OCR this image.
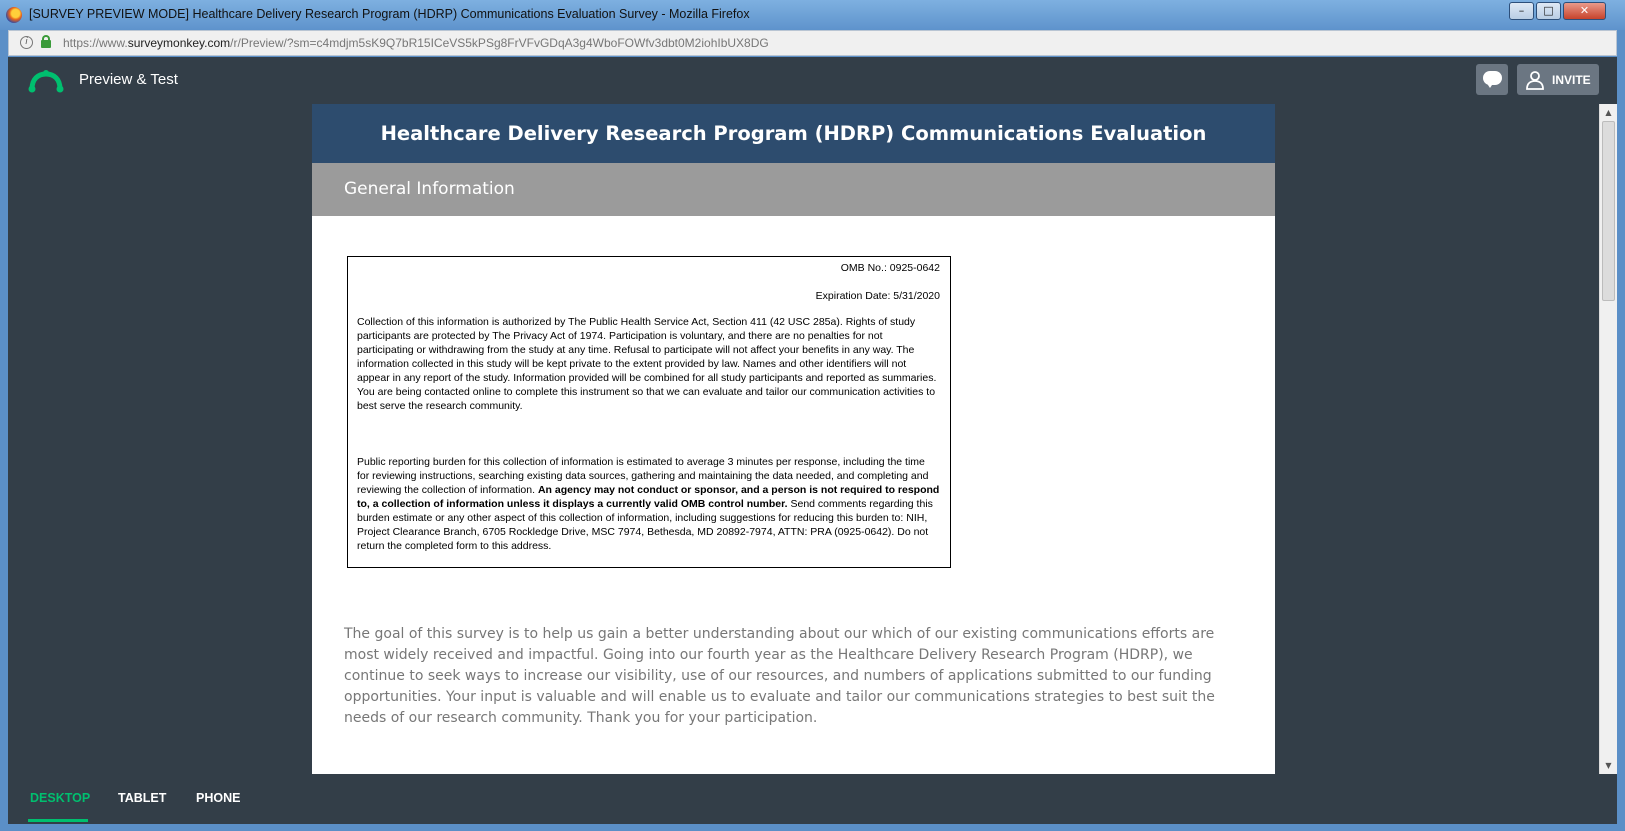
[SURVEY PREVIEW MODE] Healthcare Delivery Research Program (HDRP) Communications Evaluation Survey - Mozilla Firefox	–	□	✕
i	https://www.surveymonkey.com/r/Preview/?sm=c4mdjm5sK9Q7bR15ICeVS5kPSg8FrVFvGDqA3g4WboFOWfv3dbt0M2iohIbUX8DG
Preview & Test	INVITE
Healthcare Delivery Research Program (HDRP) Communications Evaluation
General Information
OMB No.: 0925-0642
Expiration Date: 5/31/2020
Collection of this information is authorized by The Public Health Service Act, Section 411 (42 USC 285a). Rights of study participants are protected by The Privacy Act of 1974. Participation is voluntary, and there are no penalties for not participating or withdrawing from the study at any time. Refusal to participate will not affect your benefits in any way. The information collected in this study will be kept private to the extent provided by law. Names and other identifiers will not appear in any report of the study. Information provided will be combined for all study participants and reported as summaries. You are being contacted online to complete this instrument so that we can evaluate and tailor our communication activities to best serve the research community.
Public reporting burden for this collection of information is estimated to average 3 minutes per response, including the time for reviewing instructions, searching existing data sources, gathering and maintaining the data needed, and completing and reviewing the collection of information. An agency may not conduct or sponsor, and a person is not required to respond to, a collection of information unless it displays a currently valid OMB control number. Send comments regarding this burden estimate or any other aspect of this collection of information, including suggestions for reducing this burden to: NIH, Project Clearance Branch, 6705 Rockledge Drive, MSC 7974, Bethesda, MD 20892-7974, ATTN: PRA (0925-0642). Do not return the completed form to this address.
The goal of this survey is to help us gain a better understanding about our which of our existing communications efforts are most widely received and impactful. Going into our fourth year as the Healthcare Delivery Research Program (HDRP), we continue to seek ways to increase our visibility, use of our resources, and numbers of applications submitted to our funding opportunities. Your input is valuable and will enable us to evaluate and tailor our communications strategies to best suit the needs of our research community. Thank you for your participation.
▲
▼
DESKTOP TABLET PHONE
